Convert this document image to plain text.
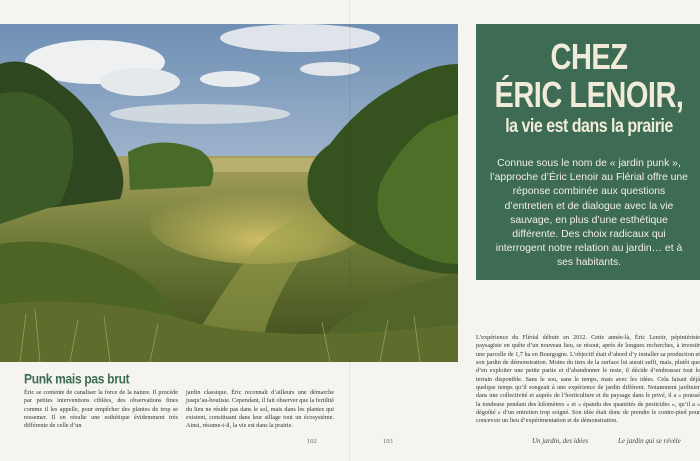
CHEZ
ÉRIC LENOIR,
la vie est dans la prairie
Connue sous le nom de « jardin punk », l’approche d’Éric Lenoir au Flérial offre une réponse combinée aux questions d’entretien et de dialogue avec la vie sauvage, en plus d’une esthétique différente. Des choix radicaux qui interrogent notre relation au jardin… et à ses habitants.
Punk mais pas brut
Éric se contente de canaliser la force de la nature. Il procède par petites interventions ciblées, des observations fines comme il les appelle, pour empêcher des plantes de trop se ressemer. Il en résulte une esthétique évidemment très différente de celle d’un
jardin classique. Éric reconnaît d’ailleurs une démarche jusqu’au-boutiste. Cependant, il fait observer que la fertilité du lieu ne réside pas dans le sol, mais dans les plantes qui existent, constituant dans leur sillage tout un écosystème. Ainsi, résume-t-il, la vie est dans la prairie.
L’expérience du Flérial débute en 2012. Cette année-là, Éric Lenoir, pépiniériste paysagiste en quête d’un nouveau lieu, se résout, après de longues recherches, à investir une parcelle de 1,7 ha en Bourgogne. L’objectif était d’abord d’y installer sa production et son jardin de démonstration. Moins du tiers de la surface lui aurait suffi, mais, plutôt que d’en exploiter une petite partie et d’abandonner le reste, il décide d’embrasser tout le terrain disponible. Sans le sou, sans le temps, mais avec les idées. Cela faisait déjà quelque temps qu’il songeait à une expérience de jardin différent. Notamment jardinier dans une collectivité et auprès de l’horticulture et du paysage dans le privé, il a « poussé la tondeuse pendant des kilomètres » et « épandu des quantités de pesticides », qu’il a « dégoûté » d’un entretien trop soigné. Son idée était donc de prendre le contre-pied pour concevoir un lieu d’expérimentation et de démonstration.
102	103	Un jardin, des idées	Le jardin qui se révèle
